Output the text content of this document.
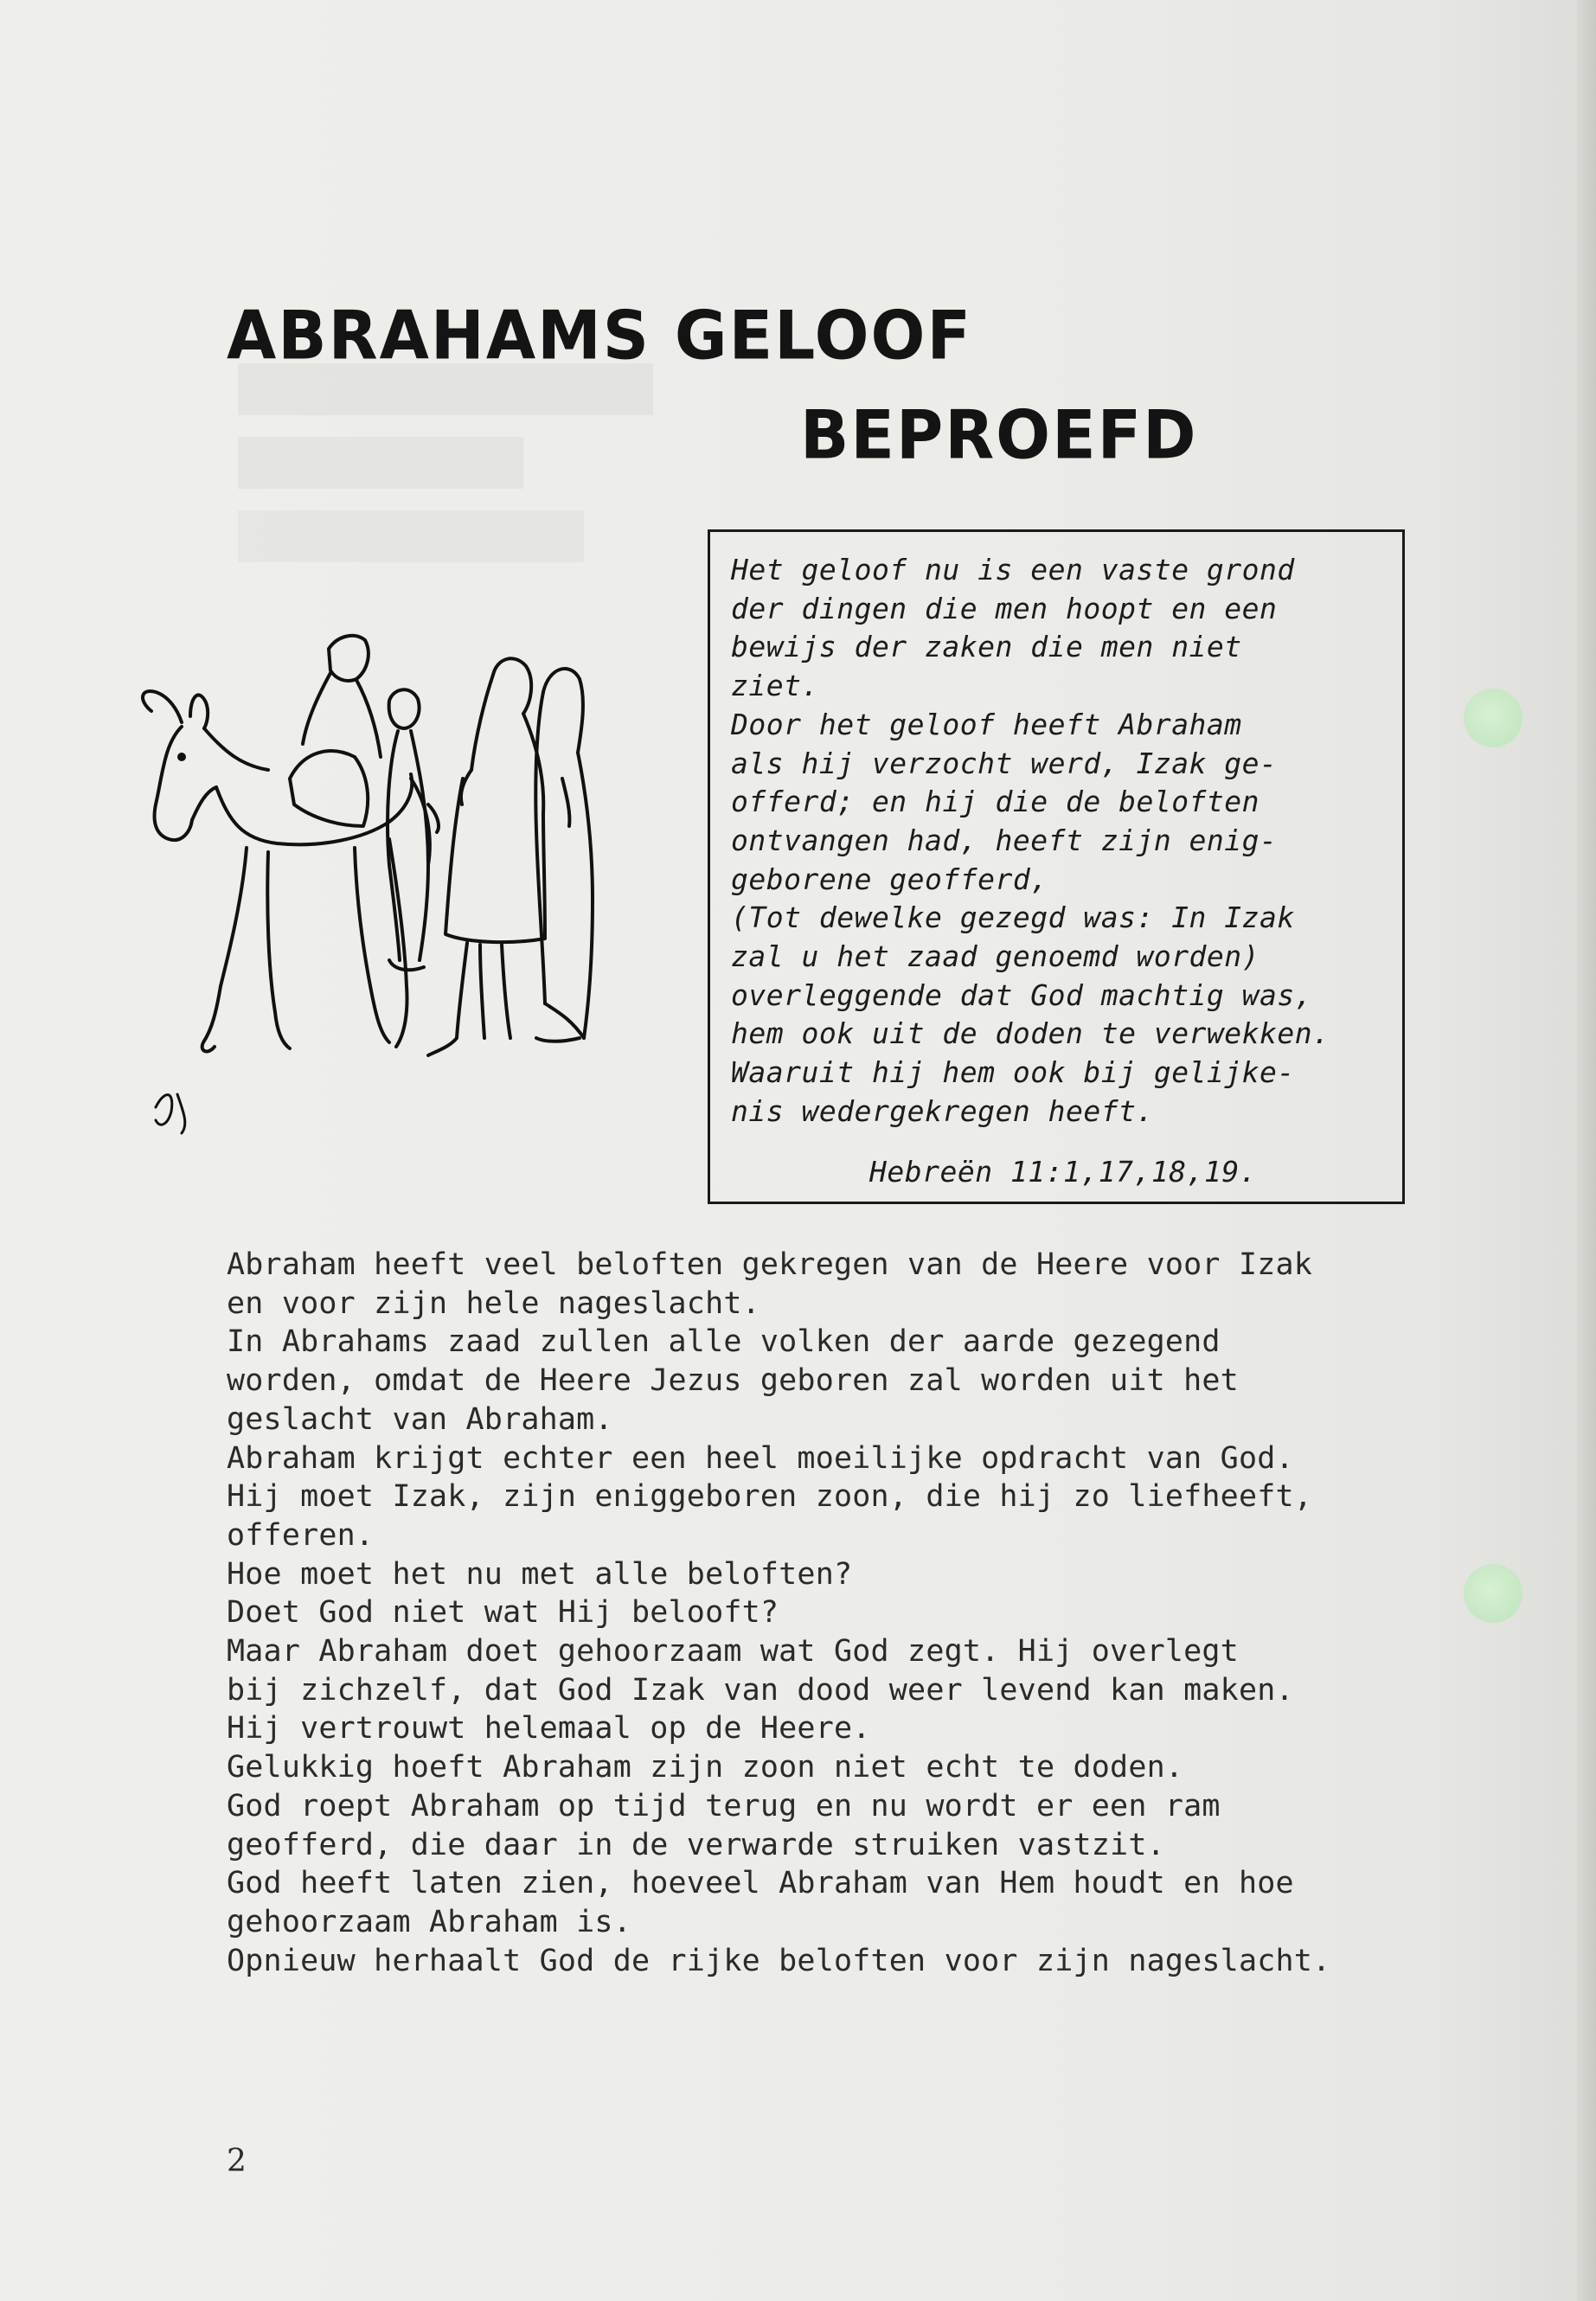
ABRAHAMS GELOOF
BEPROEFD
Het geloof nu is een vaste grond
der dingen die men hoopt en een
bewijs der zaken die men niet
ziet.
Door het geloof heeft Abraham
als hij verzocht werd, Izak ge-
offerd; en hij die de beloften
ontvangen had, heeft zijn enig-
geborene geofferd,
(Tot dewelke gezegd was: In Izak
zal u het zaad genoemd worden)
overleggende dat God machtig was,
hem ook uit de doden te verwekken.
Waaruit hij hem ook bij gelijke-
nis wedergekregen heeft.
Hebreën 11:1,17,18,19.
Abraham heeft veel beloften gekregen van de Heere voor Izak
en voor zijn hele nageslacht.
In Abrahams zaad zullen alle volken der aarde gezegend
worden, omdat de Heere Jezus geboren zal worden uit het
geslacht van Abraham.
Abraham krijgt echter een heel moeilijke opdracht van God.
Hij moet Izak, zijn eniggeboren zoon, die hij zo liefheeft,
offeren.
Hoe moet het nu met alle beloften?
Doet God niet wat Hij belooft?
Maar Abraham doet gehoorzaam wat God zegt. Hij overlegt
bij zichzelf, dat God Izak van dood weer levend kan maken.
Hij vertrouwt helemaal op de Heere.
Gelukkig hoeft Abraham zijn zoon niet echt te doden.
God roept Abraham op tijd terug en nu wordt er een ram
geofferd, die daar in de verwarde struiken vastzit.
God heeft laten zien, hoeveel Abraham van Hem houdt en hoe
gehoorzaam Abraham is.
Opnieuw herhaalt God de rijke beloften voor zijn nageslacht.
2
